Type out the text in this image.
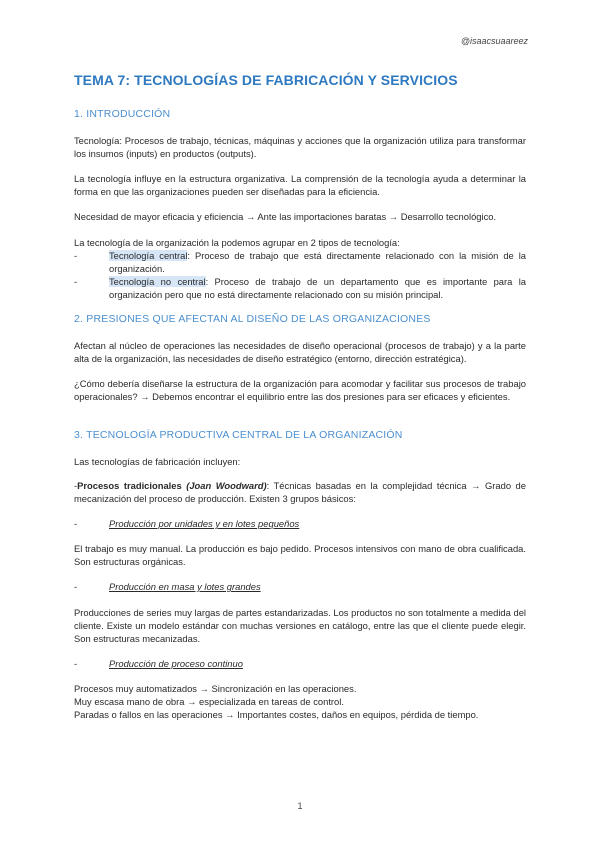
@isaacsuaareez
TEMA 7: TECNOLOGÍAS DE FABRICACIÓN Y SERVICIOS
1. INTRODUCCIÓN

Tecnología: Procesos de trabajo, técnicas, máquinas y acciones que la organización utiliza para transformar los insumos (inputs) en productos (outputs).

La tecnología influye en la estructura organizativa. La comprensión de la tecnología ayuda a determinar la forma en que las organizaciones pueden ser diseñadas para la eficiencia.

Necesidad de mayor eficacia y eficiencia → Ante las importaciones baratas → Desarrollo tecnológico.

La tecnología de la organización la podemos agrupar en 2 tipos de tecnología:

-	Tecnología central: Proceso de trabajo que está directamente relacionado con la misión de la organización.
-	Tecnología no central: Proceso de trabajo de un departamento que es importante para la organización pero que no está directamente relacionado con su misión principal.
2. PRESIONES QUE AFECTAN AL DISEÑO DE LAS ORGANIZACIONES

Afectan al núcleo de operaciones las necesidades de diseño operacional (procesos de trabajo) y a la parte alta de la organización, las necesidades de diseño estratégico (entorno, dirección estratégica).

¿Cómo debería diseñarse la estructura de la organización para acomodar y facilitar sus procesos de trabajo operacionales? → Debemos encontrar el equilibrio entre las dos presiones para ser eficaces y eficientes.

3. TECNOLOGÍA PRODUCTIVA CENTRAL DE LA ORGANIZACIÓN

Las tecnologías de fabricación incluyen:

-Procesos tradicionales (Joan Woodward): Técnicas basadas en la complejidad técnica → Grado de mecanización del proceso de producción. Existen 3 grupos básicos:

-	Producción por unidades y en lotes pequeños

El trabajo es muy manual. La producción es bajo pedido. Procesos intensivos con mano de obra cualificada. Son estructuras orgánicas.

-	Producción en masa y lotes grandes

Producciones de series muy largas de partes estandarizadas. Los productos no son totalmente a medida del cliente. Existe un modelo estándar con muchas versiones en catálogo, entre las que el cliente puede elegir. Son estructuras mecanizadas.

-	Producción de proceso continuo

Procesos muy automatizados → Sincronización en las operaciones.

Muy escasa mano de obra → especializada en tareas de control.

Paradas o fallos en las operaciones → Importantes costes, daños en equipos, pérdida de tiempo.

1
